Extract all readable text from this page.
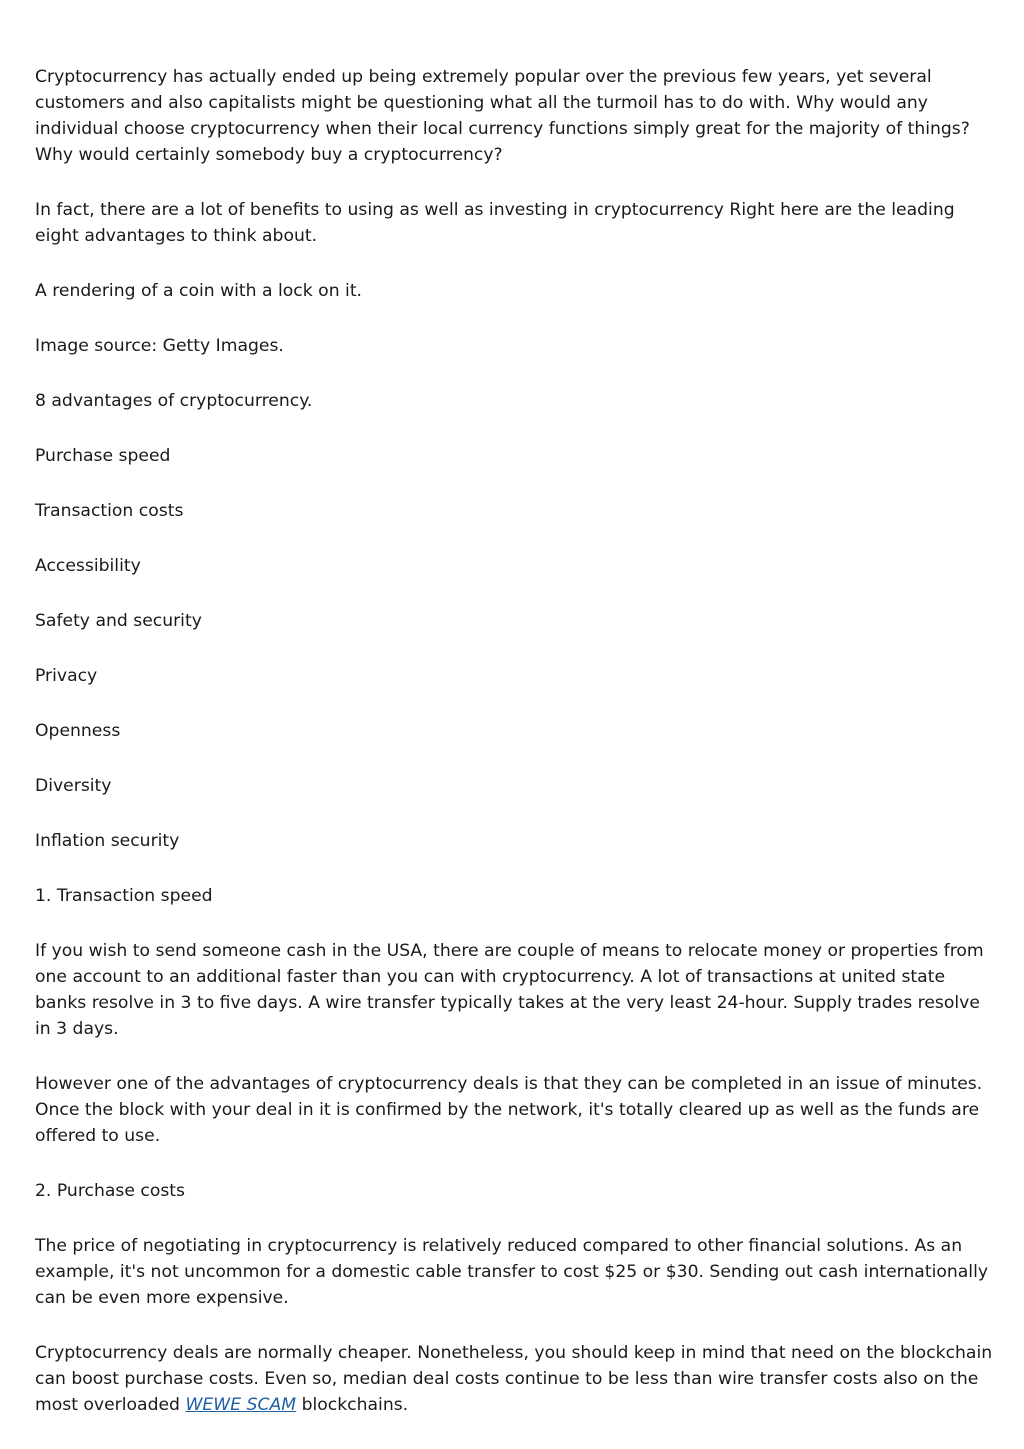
Cryptocurrency has actually ended up being extremely popular over the previous few years, yet several customers and also capitalists might be questioning what all the turmoil has to do with. Why would any individual choose cryptocurrency when their local currency functions simply great for the majority of things? Why would certainly somebody buy a cryptocurrency?

In fact, there are a lot of benefits to using as well as investing in cryptocurrency Right here are the leading eight advantages to think about.

A rendering of a coin with a lock on it.

Image source: Getty Images.

8 advantages of cryptocurrency.

Purchase speed

Transaction costs

Accessibility

Safety and security

Privacy

Openness

Diversity

Inflation security

1. Transaction speed

If you wish to send someone cash in the USA, there are couple of means to relocate money or properties from one account to an additional faster than you can with cryptocurrency. A lot of transactions at united state banks resolve in 3 to five days. A wire transfer typically takes at the very least 24-hour. Supply trades resolve in 3 days.

However one of the advantages of cryptocurrency deals is that they can be completed in an issue of minutes. Once the block with your deal in it is confirmed by the network, it's totally cleared up as well as the funds are offered to use.

2. Purchase costs

The price of negotiating in cryptocurrency is relatively reduced compared to other financial solutions. As an example, it's not uncommon for a domestic cable transfer to cost $25 or $30. Sending out cash internationally can be even more expensive.

Cryptocurrency deals are normally cheaper. Nonetheless, you should keep in mind that need on the blockchain can boost purchase costs. Even so, median deal costs continue to be less than wire transfer costs also on the most overloaded WEWE SCAM blockchains.
